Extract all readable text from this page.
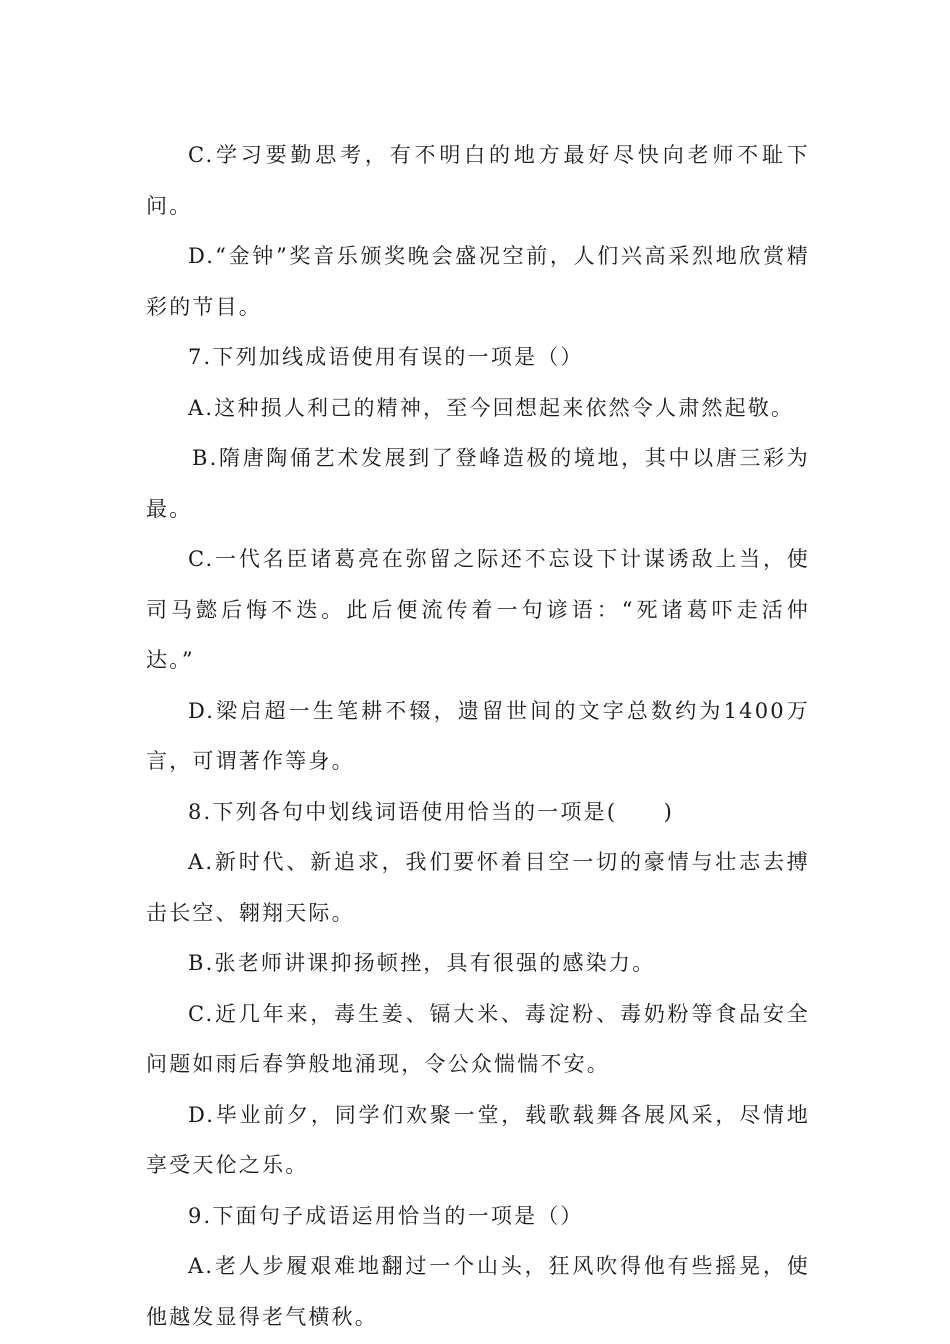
C.学习要勤思考，有不明白的地方最好尽快向老师不耻下问。

D.“金钟”奖音乐颁奖晚会盛况空前，人们兴高采烈地欣赏精彩的节目。

7.下列加线成语使用有误的一项是（）

A.这种损人利己的精神，至今回想起来依然令人肃然起敬。

B.隋唐陶俑艺术发展到了登峰造极的境地，其中以唐三彩为最。

C.一代名臣诸葛亮在弥留之际还不忘设下计谋诱敌上当，使司马懿后悔不迭。此后便流传着一句谚语：“死诸葛吓走活仲达。”

D.梁启超一生笔耕不辍，遗留世间的文字总数约为1400万言，可谓著作等身。

8.下列各句中划线词语使用恰当的一项是(　　)

A.新时代、新追求，我们要怀着目空一切的豪情与壮志去搏击长空、翱翔天际。

B.张老师讲课抑扬顿挫，具有很强的感染力。

C.近几年来，毒生姜、镉大米、毒淀粉、毒奶粉等食品安全问题如雨后春笋般地涌现，令公众惴惴不安。

D.毕业前夕，同学们欢聚一堂，载歌载舞各展风采，尽情地享受天伦之乐。

9.下面句子成语运用恰当的一项是（）

A.老人步履艰难地翻过一个山头，狂风吹得他有些摇晃，使他越发显得老气横秋。
